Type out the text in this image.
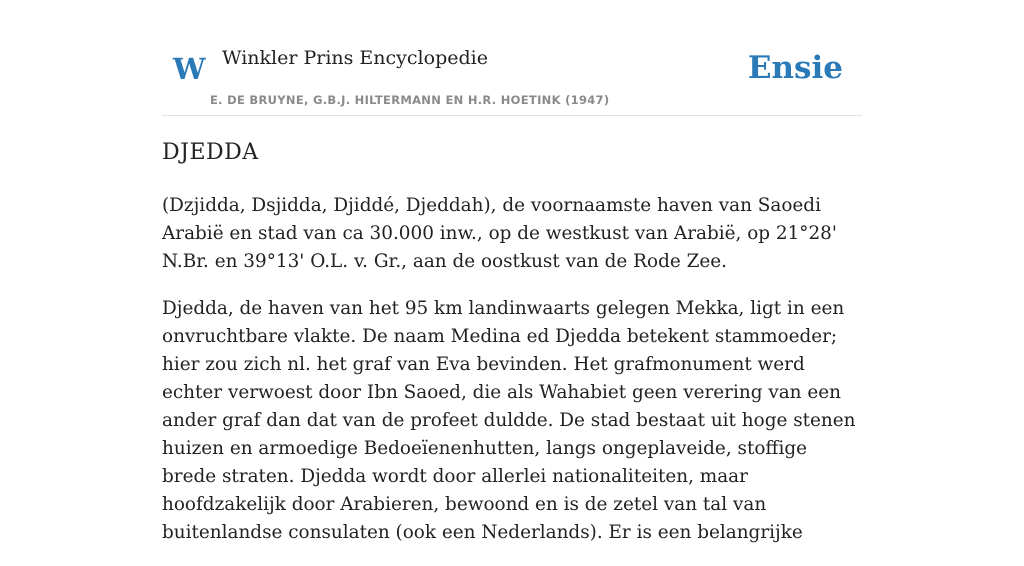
W Winkler Prins Encyclopedie
E. DE BRUYNE, G.B.J. HILTERMANN EN H.R. HOETINK (1947)
Ensie
DJEDDA

(Dzjidda, Dsjidda, Djiddé, Djeddah), de voornaamste haven van Saoedi Arabië en stad van ca 30.000 inw., op de westkust van Arabië, op 21°28' N.Br. en 39°13' O.L. v. Gr., aan de oostkust van de Rode Zee.

Djedda, de haven van het 95 km landinwaarts gelegen Mekka, ligt in een onvruchtbare vlakte. De naam Medina ed Djedda betekent stammoeder; hier zou zich nl. het graf van Eva bevinden. Het grafmonument werd echter verwoest door Ibn Saoed, die als Wahabiet geen verering van een ander graf dan dat van de profeet duldde. De stad bestaat uit hoge stenen huizen en armoedige Bedoeïenenhutten, langs ongeplaveide, stoffige brede straten. Djedda wordt door allerlei nationaliteiten, maar hoofdzakelijk door Arabieren, bewoond en is de zetel van tal van buitenlandse consulaten (ook een Nederlands). Er is een belangrijke
